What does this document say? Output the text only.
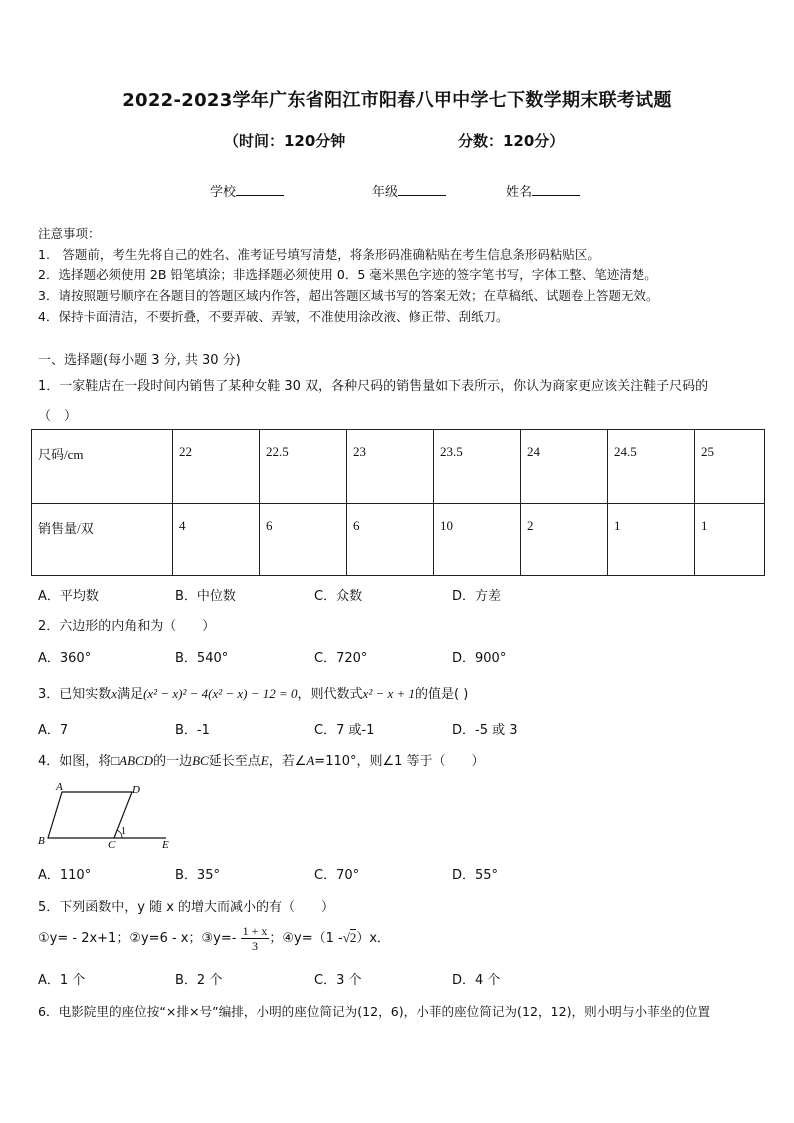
2022-2023学年广东省阳江市阳春八甲中学七下数学期末联考试题
（时间：120分钟	分数：120分）
学校	年级	姓名
注意事项：
1.　答题前，考生先将自己的姓名、准考证号填写清楚，将条形码准确粘贴在考生信息条形码粘贴区。
2．选择题必须使用 2B 铅笔填涂；非选择题必须使用 0．5 毫米黑色字迹的签字笔书写，字体工整、笔迹清楚。
3．请按照题号顺序在各题目的答题区域内作答，超出答题区域书写的答案无效；在草稿纸、试题卷上答题无效。
4．保持卡面清洁，不要折叠，不要弄破、弄皱，不准使用涂改液、修正带、刮纸刀。
一、选择题(每小题 3 分, 共 30 分)
1．一家鞋店在一段时间内销售了某种女鞋 30 双，各种尺码的销售量如下表所示，你认为商家更应该关注鞋子尺码的
（　）
尺码/cm	22	22.5	23	23.5	24	24.5	25
销售量/双	4	6	6	10	2	1	1
A．平均数	B．中位数	C．众数	D．方差
2．六边形的内角和为（　　）
A．360°	B．540°	C．720°	D．900°
3．已知实数x满足(x² − x)² − 4(x² − x) − 12 = 0，则代数式x² − x + 1的值是( )
A．7	B．-1	C．7 或-1	D．-5 或 3
4．如图，将□ABCD的一边BC延长至点E，若∠A=110°，则∠1 等于（　　）
A	D
B	C
1
E
A．110°	B．35°	C．70°	D．55°
5．下列函数中，y 随 x 的增大而减小的有（　　）
①y= - 2x+1；②y=6 - x；③y=- $\frac{1 + x}{3}$ ；④y=（1 -√2）x．
A．1 个	B．2 个	C．3 个	D．4 个
6．电影院里的座位按“×排×号”编排，小明的座位简记为(12，6)，小菲的座位简记为(12，12)，则小明与小菲坐的位置
